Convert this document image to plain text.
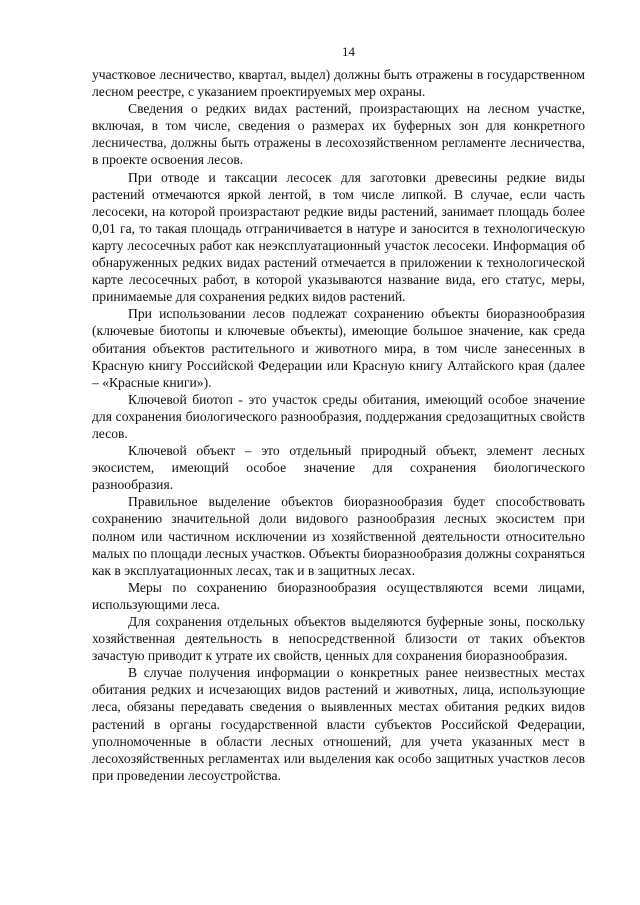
14

участковое лесничество, квартал, выдел) должны быть отражены в государственном лесном реестре, с указанием проектируемых мер охраны.

Сведения о редких видах растений, произрастающих на лесном участке, включая, в том числе, сведения о размерах их буферных зон для конкретного лесничества, должны быть отражены в лесохозяйственном регламенте лесничества, в проекте освоения лесов.

При отводе и таксации лесосек для заготовки древесины редкие виды растений отмечаются яркой лентой, в том числе липкой. В случае, если часть лесосеки, на которой произрастают редкие виды растений, занимает площадь более 0,01 га, то такая площадь отграничивается в натуре и заносится в технологическую карту лесосечных работ как неэксплуатационный участок лесосеки. Информация об обнаруженных редких видах растений отмечается в приложении к технологической карте лесосечных работ, в которой указываются название вида, его статус, меры, принимаемые для сохранения редких видов растений.

При использовании лесов подлежат сохранению объекты биоразнообразия (ключевые биотопы и ключевые объекты), имеющие большое значение, как среда обитания объектов растительного и животного мира, в том числе занесенных в Красную книгу Российской Федерации или Красную книгу Алтайского края (далее – «Красные книги»).

Ключевой биотоп - это участок среды обитания, имеющий особое значение для сохранения биологического разнообразия, поддержания средозащитных свойств лесов.

Ключевой объект – это отдельный природный объект, элемент лесных экосистем, имеющий особое значение для сохранения биологического разнообразия.

Правильное выделение объектов биоразнообразия будет способствовать сохранению значительной доли видового разнообразия лесных экосистем при полном или частичном исключении из хозяйственной деятельности относительно малых по площади лесных участков. Объекты биоразнообразия должны сохраняться как в эксплуатационных лесах, так и в защитных лесах.

Меры по сохранению биоразнообразия осуществляются всеми лицами, использующими леса.

Для сохранения отдельных объектов выделяются буферные зоны, поскольку хозяйственная деятельность в непосредственной близости от таких объектов зачастую приводит к утрате их свойств, ценных для сохранения биоразнообразия.

В случае получения информации о конкретных ранее неизвестных местах обитания редких и исчезающих видов растений и животных, лица, использующие леса, обязаны передавать сведения о выявленных местах обитания редких видов растений в органы государственной власти субъектов Российской Федерации, уполномоченные в области лесных отношений, для учета указанных мест в лесохозяйственных регламентах или выделения как особо защитных участков лесов при проведении лесоустройства.
